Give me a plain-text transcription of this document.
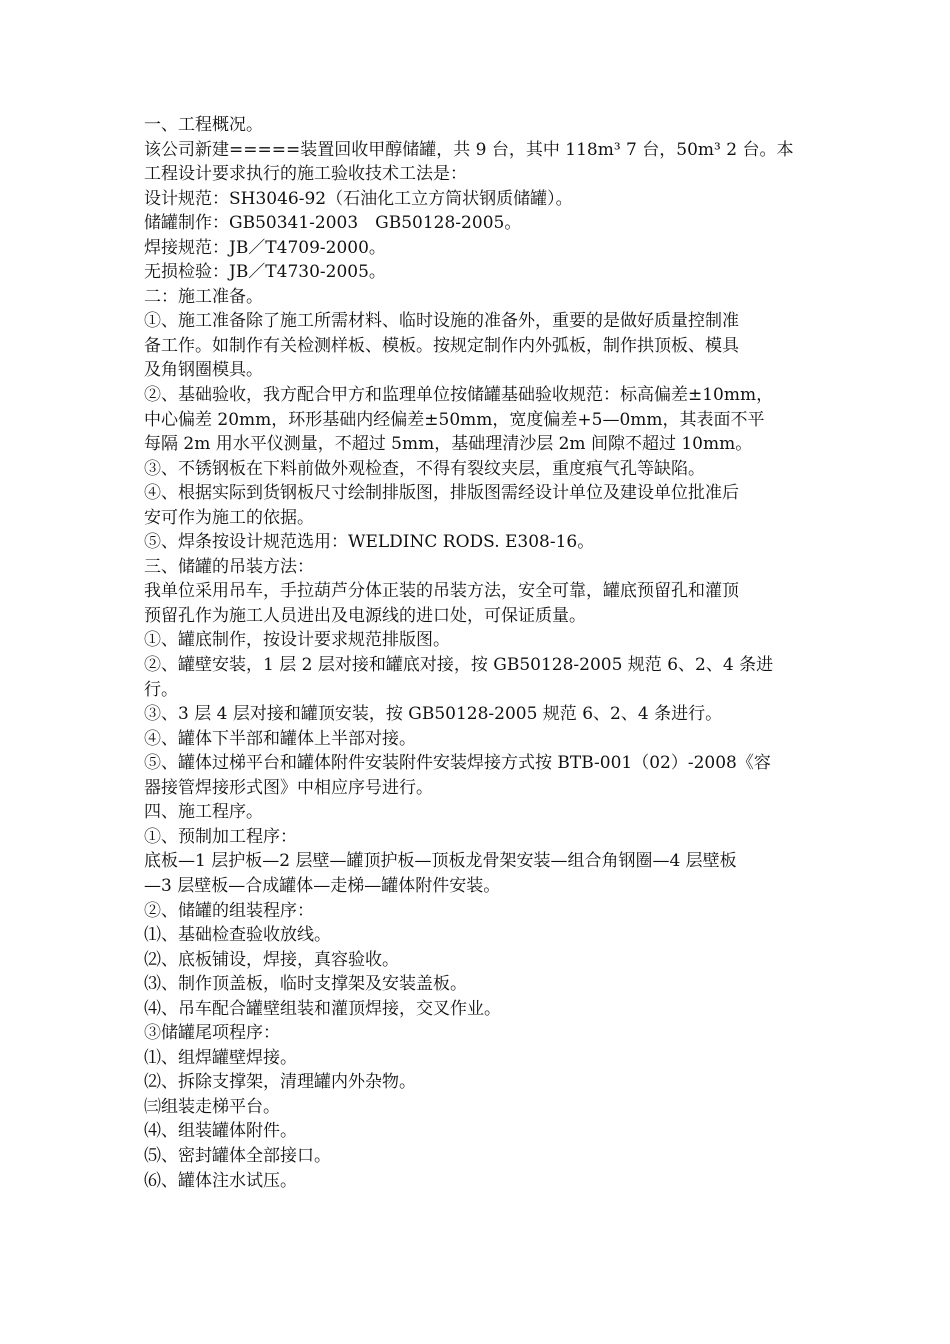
一、工程概况。
该公司新建=====装置回收甲醇储罐，共 9 台，其中 118m³ 7 台，50m³ 2 台。本
工程设计要求执行的施工验收技术工法是：
设计规范：SH3046-92（石油化工立方筒状钢质储罐）。
储罐制作：GB50341-2003　GB50128-2005。
焊接规范：JB／T4709-2000。
无损检验：JB／T4730-2005。
二：施工准备。
①、施工准备除了施工所需材料、临时设施的准备外，重要的是做好质量控制准
备工作。如制作有关检测样板、模板。按规定制作内外弧板，制作拱顶板、模具
及角钢圈模具。
②、基础验收，我方配合甲方和监理单位按储罐基础验收规范：标高偏差±10mm，
中心偏差 20mm，环形基础内经偏差±50mm，宽度偏差+5—0mm，其表面不平
每隔 2m 用水平仪测量，不超过 5mm，基础理清沙层 2m 间隙不超过 10mm。
③、不锈钢板在下料前做外观检查，不得有裂纹夹层，重度痕气孔等缺陷。
④、根据实际到货钢板尺寸绘制排版图，排版图需经设计单位及建设单位批准后
安可作为施工的依据。
⑤、焊条按设计规范选用：WELDINC RODS. E308-16。
三、储罐的吊装方法：
我单位采用吊车，手拉葫芦分体正装的吊装方法，安全可靠，罐底预留孔和灌顶
预留孔作为施工人员进出及电源线的进口处，可保证质量。
①、罐底制作，按设计要求规范排版图。
②、罐壁安装，1 层 2 层对接和罐底对接，按 GB50128-2005 规范 6、2、4 条进
行。
③、3 层 4 层对接和罐顶安装，按 GB50128-2005 规范 6、2、4 条进行。
④、罐体下半部和罐体上半部对接。
⑤、罐体过梯平台和罐体附件安装附件安装焊接方式按 BTB-001（02）-2008《容
器接管焊接形式图》中相应序号进行。
四、施工程序。
①、预制加工程序：
底板—1 层护板—2 层壁—罐顶护板—顶板龙骨架安装—组合角钢圈—4 层壁板
—3 层壁板—合成罐体—走梯—罐体附件安装。
②、储罐的组装程序：
⑴、基础检查验收放线。
⑵、底板铺设，焊接，真容验收。
⑶、制作顶盖板，临时支撑架及安装盖板。
⑷、吊车配合罐壁组装和灌顶焊接，交叉作业。
③储罐尾项程序：
⑴、组焊罐壁焊接。
⑵、拆除支撑架，清理罐内外杂物。
㈢组装走梯平台。
⑷、组装罐体附件。
⑸、密封罐体全部接口。
⑹、罐体注水试压。
